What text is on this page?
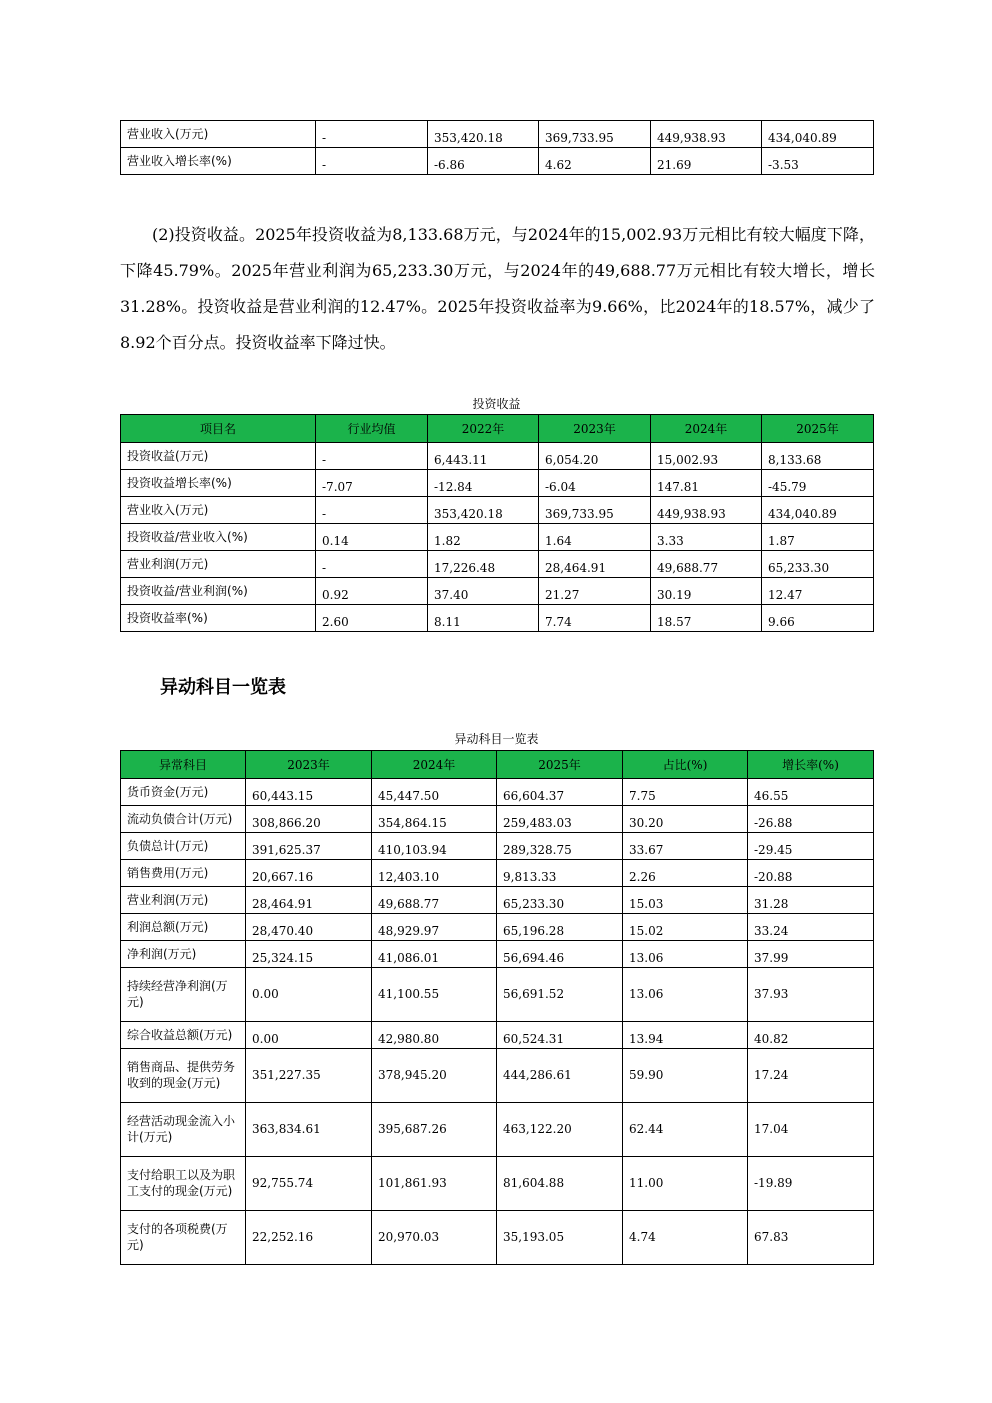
营业收入(万元)	-	353,420.18	369,733.95	449,938.93	434,040.89
营业收入增长率(%)	-	-6.86	4.62	21.69	-3.53
(2)投资收益。2025年投资收益为8,133.68万元，与2024年的15,002.93万元相比有较大幅度下降，下降45.79%。2025年营业利润为65,233.30万元，与2024年的49,688.77万元相比有较大增长，增长31.28%。投资收益是营业利润的12.47%。2025年投资收益率为9.66%，比2024年的18.57%，减少了8.92个百分点。投资收益率下降过快。
投资收益
项目名	行业均值	2022年	2023年	2024年	2025年
投资收益(万元)	-	6,443.11	6,054.20	15,002.93	8,133.68
投资收益增长率(%)	-7.07	-12.84	-6.04	147.81	-45.79
营业收入(万元)	-	353,420.18	369,733.95	449,938.93	434,040.89
投资收益/营业收入(%)	0.14	1.82	1.64	3.33	1.87
营业利润(万元)	-	17,226.48	28,464.91	49,688.77	65,233.30
投资收益/营业利润(%)	0.92	37.40	21.27	30.19	12.47
投资收益率(%)	2.60	8.11	7.74	18.57	9.66
异动科目一览表
异动科目一览表
异常科目	2023年	2024年	2025年	占比(%)	增长率(%)
货币资金(万元)	60,443.15	45,447.50	66,604.37	7.75	46.55
流动负债合计(万元)	308,866.20	354,864.15	259,483.03	30.20	-26.88
负债总计(万元)	391,625.37	410,103.94	289,328.75	33.67	-29.45
销售费用(万元)	20,667.16	12,403.10	9,813.33	2.26	-20.88
营业利润(万元)	28,464.91	49,688.77	65,233.30	15.03	31.28
利润总额(万元)	28,470.40	48,929.97	65,196.28	15.02	33.24
净利润(万元)	25,324.15	41,086.01	56,694.46	13.06	37.99
持续经营净利润(万元)	0.00	41,100.55	56,691.52	13.06	37.93
综合收益总额(万元)	0.00	42,980.80	60,524.31	13.94	40.82
销售商品、提供劳务收到的现金(万元)	351,227.35	378,945.20	444,286.61	59.90	17.24
经营活动现金流入小计(万元)	363,834.61	395,687.26	463,122.20	62.44	17.04
支付给职工以及为职工支付的现金(万元)	92,755.74	101,861.93	81,604.88	11.00	-19.89
支付的各项税费(万元)	22,252.16	20,970.03	35,193.05	4.74	67.83
